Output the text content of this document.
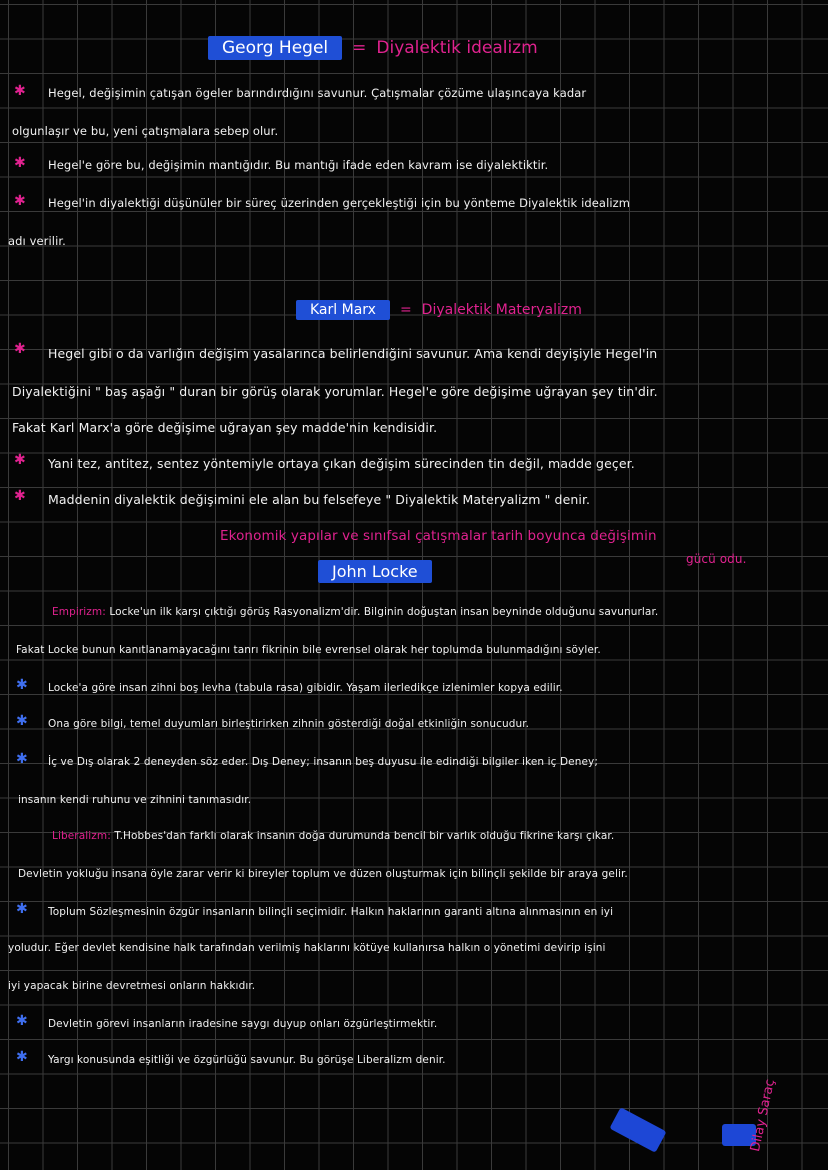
Georg Hegel = Diyalektik idealizm
✱ Hegel, değişimin çatışan ögeler barındırdığını savunur. Çatışmalar çözüme ulaşıncaya kadar
olgunlaşır ve bu, yeni çatışmalara sebep olur.
✱ Hegel'e göre bu, değişimin mantığıdır. Bu mantığı ifade eden kavram ise diyalektiktir.
✱ Hegel'in diyalektiği düşünüler bir süreç üzerinden gerçekleştiği için bu yönteme Diyalektik idealizm
adı verilir.
Karl Marx = Diyalektik Materyalizm
✱ Hegel gibi o da varlığın değişim yasalarınca belirlendiğini savunur. Ama kendi deyişiyle Hegel'in
Diyalektiğini " baş aşağı " duran bir görüş olarak yorumlar. Hegel'e göre değişime uğrayan şey tin'dir.
Fakat Karl Marx'a göre değişime uğrayan şey madde'nin kendisidir.
✱ Yani tez, antitez, sentez yöntemiyle ortaya çıkan değişim sürecinden tin değil, madde geçer.
✱ Maddenin diyalektik değişimini ele alan bu felsefeye " Diyalektik Materyalizm " denir.
Ekonomik yapılar ve sınıfsal çatışmalar tarih boyunca değişimin
gücü odu.
John Locke
Empirizm: Locke'un ilk karşı çıktığı görüş Rasyonalizm'dir. Bilginin doğuştan insan beyninde olduğunu savunurlar.
Fakat Locke bunun kanıtlanamayacağını tanrı fikrinin bile evrensel olarak her toplumda bulunmadığını söyler.
✱ Locke'a göre insan zihni boş levha (tabula rasa) gibidir. Yaşam ilerledikçe izlenimler kopya edilir.
✱ Ona göre bilgi, temel duyumları birleştirirken zihnin gösterdiği doğal etkinliğin sonucudur.
✱ İç ve Dış olarak 2 deneyden söz eder. Dış Deney; insanın beş duyusu ile edindiği bilgiler iken iç Deney;
insanın kendi ruhunu ve zihnini tanımasıdır.
Liberalizm: T.Hobbes'dan farklı olarak insanın doğa durumunda bencil bir varlık olduğu fikrine karşı çıkar.
Devletin yokluğu insana öyle zarar verir ki bireyler toplum ve düzen oluşturmak için bilinçli şekilde bir araya gelir.
✱ Toplum Sözleşmesinin özgür insanların bilinçli seçimidir. Halkın haklarının garanti altına alınmasının en iyi
yoludur. Eğer devlet kendisine halk tarafından verilmiş haklarını kötüye kullanırsa halkın o yönetimi devirip işini
iyi yapacak birine devretmesi onların hakkıdır.
✱ Devletin görevi insanların iradesine saygı duyup onları özgürleştirmektir.
✱ Yargı konusunda eşitliği ve özgürlüğü savunur. Bu görüşe Liberalizm denir.
Dilay Saraç
